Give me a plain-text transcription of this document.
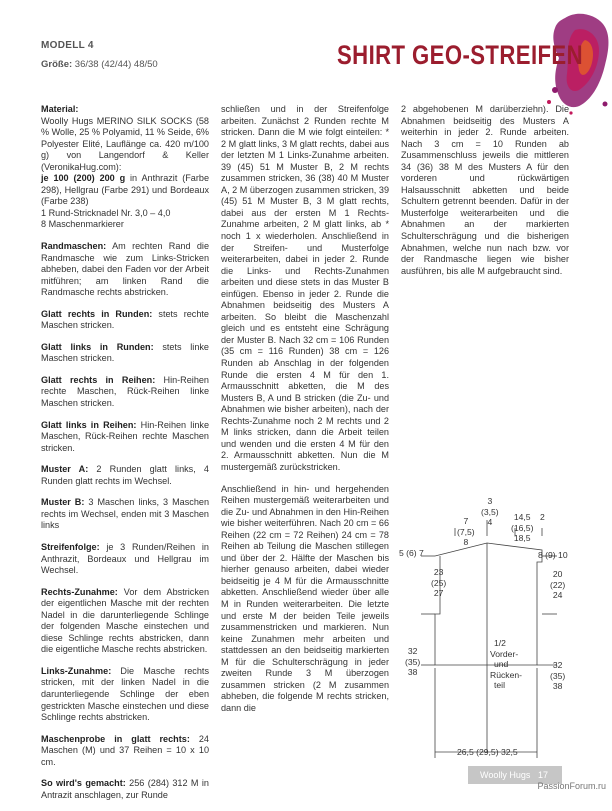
MODELL 4
Größe: 36/38 (42/44) 48/50	SHIRT GEO-STREIFEN

Material:
Woolly Hugs MERINO SILK SOCKS (58 % Wolle, 25 % Polyamid, 11 % Seide, 6% Polyester Elité, Lauflänge ca. 420 m/100 g) von Langendorf & Keller (VeronikaHug.com):
je 100 (200) 200 g in Anthrazit (Farbe 298), Hellgrau (Farbe 291) und Bordeaux (Farbe 238)
1 Rund-Stricknadel Nr. 3,0 – 4,0
8 Maschenmarkierer

Randmaschen: Am rechten Rand die Randmasche wie zum Links-Stricken abheben, dabei den Faden vor der Arbeit mitführen; am linken Rand die Randmasche rechts abstricken.

Glatt rechts in Runden: stets rechte Maschen stricken.

Glatt links in Runden: stets linke Maschen stricken.

Glatt rechts in Reihen: Hin-Reihen rechte Maschen, Rück-Reihen linke Maschen stricken.

Glatt links in Reihen: Hin-Reihen linke Maschen, Rück-Reihen rechte Maschen stricken.

Muster A: 2 Runden glatt links, 4 Runden glatt rechts im Wechsel.

Muster B: 3 Maschen links, 3 Maschen rechts im Wechsel, enden mit 3 Maschen links

Streifenfolge: je 3 Runden/Reihen in Anthrazit, Bordeaux und Hellgrau im Wechsel.

Rechts-Zunahme: Vor dem Abstricken der eigentlichen Masche mit der rechten Nadel in die darunterliegende Schlinge der folgenden Masche einstechen und diese Schlinge rechts abstricken, dann die eigentliche Masche rechts abstricken.

Links-Zunahme: Die Masche rechts stricken, mit der linken Nadel in die darunterliegende Schlinge der eben gestrickten Masche einstechen und diese Schlinge rechts abstricken.

Maschenprobe in glatt rechts: 24 Maschen (M) und 37 Reihen = 10 x 10 cm.

So wird's gemacht: 256 (284) 312 M in Antrazit anschlagen, zur Runde

schließen und in der Streifenfolge arbeiten. Zunächst 2 Runden rechte M stricken. Dann die M wie folgt einteilen: * 2 M glatt links, 3 M glatt rechts, dabei aus der letzten M 1 Links-Zunahme arbeiten. 39 (45) 51 M Muster B, 2 M rechts zusammen stricken, 36 (38) 40 M Muster A, 2 M überzogen zusammen stricken, 39 (45) 51 M Muster B, 3 M glatt rechts, dabei aus der ersten M 1 Rechts-Zunahme arbeiten, 2 M glatt links, ab * noch 1 x wiederholen. Anschließend in der Streifen- und Musterfolge weiterarbeiten, dabei in jeder 2. Runde die Links- und Rechts-Zunahmen arbeiten und diese stets in das Muster B einfügen. Ebenso in jeder 2. Runde die Abnahmen beidseitig des Musters A arbeiten. So bleibt die Maschenzahl gleich und es entsteht eine Schrägung der Muster B. Nach 32 cm = 106 Runden (35 cm = 116 Runden) 38 cm = 126 Runden ab Anschlag in der folgenden Runde die ersten 4 M für den 1. Armausschnitt abketten, die M des Musters B, A und B stricken (die Zu- und Abnahmen wie bisher arbeiten), nach der Rechts-Zunahme noch 2 M rechts und 2 M links stricken, dann die Arbeit teilen und wenden und die ersten 4 M für den 2. Armausschnitt abketten. Nun die M mustergemäß zurückstricken.

Anschließend in hin- und hergehenden Reihen mustergemäß weiterarbeiten und die Zu- und Abnahmen in den Hin-Reihen wie bisher weiterführen. Nach 20 cm = 66 Reihen (22 cm = 72 Reihen) 24 cm = 78 Reihen ab Teilung die Maschen stillegen und über der 2. Hälfte der Maschen bis hierher genauso arbeiten, dabei wieder beidseitig je 4 M für die Armausschnitte abketten. Anschließend wieder über alle M in Runden weiterarbeiten. Die letzte und erste M der beiden Teile jeweils zusammenstricken und markieren. Nun keine Zunahmen mehr arbeiten und stattdessen an den beidseitig markierten M für die Schulterschrägung in jeder zweiten Runde 3 M überzogen zusammen stricken (2 M zusammen abheben, die folgende M rechts stricken, dann die

2 abgehobenen M darüberziehn). Die Abnahmen beidseitig des Musters A weiterhin in jeder 2. Runde arbeiten. Nach 3 cm = 10 Runden ab Zusammenschluss jeweils die mittleren 34 (36) 38 M des Musters A für den vorderen und rückwärtigen Halsausschnitt abketten und beide Schultern getrennt beenden. Dafür in der Musterfolge weiterarbeiten und die Abnahmen an der markierten Schulterschrägung und die bisherigen Abnahmen, welche nun nach bzw. vor der Randmasche liegen wie bisher ausführen, bis alle M aufgebraucht sind.

7
(7,5)
8
3
(3,5)
4	14,5
(16,5)
18,5
2
5 (6) 7	8 (9) 10
23
(25)
27
20
(22)
24
32
(35)
38
32
(35)
38
1/2
Vorder-
und
Rücken-
teil
26,5 (29,5) 32,5
Woolly Hugs 17
PassionForum.ru
